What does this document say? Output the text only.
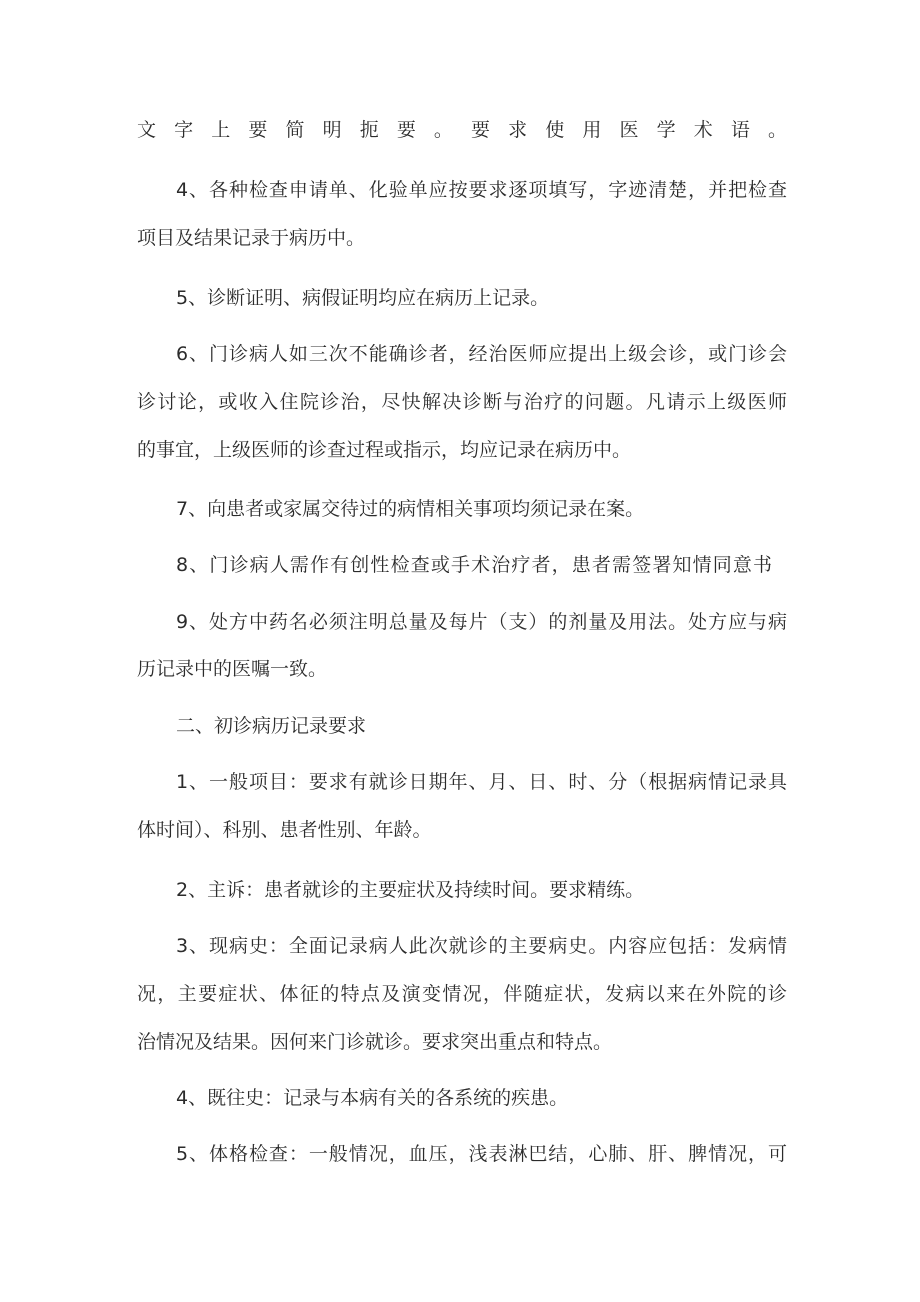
文字上要简明扼要。要求使用医学术语。
4、各种检查申请单、化验单应按要求逐项填写，字迹清楚，并把检查
项目及结果记录于病历中。
5、诊断证明、病假证明均应在病历上记录。
6、门诊病人如三次不能确诊者，经治医师应提出上级会诊，或门诊会
诊讨论，或收入住院诊治，尽快解决诊断与治疗的问题。凡请示上级医师
的事宜，上级医师的诊查过程或指示，均应记录在病历中。
7、向患者或家属交待过的病情相关事项均须记录在案。
8、门诊病人需作有创性检查或手术治疗者，患者需签署知情同意书
9、处方中药名必须注明总量及每片（支）的剂量及用法。处方应与病
历记录中的医嘱一致。
二、初诊病历记录要求
1、一般项目：要求有就诊日期年、月、日、时、分（根据病情记录具
体时间）、科别、患者性别、年龄。
2、主诉：患者就诊的主要症状及持续时间。要求精练。
3、现病史：全面记录病人此次就诊的主要病史。内容应包括：发病情
况，主要症状、体征的特点及演变情况，伴随症状，发病以来在外院的诊
治情况及结果。因何来门诊就诊。要求突出重点和特点。
4、既往史：记录与本病有关的各系统的疾患。
5、体格检查：一般情况，血压，浅表淋巴结，心肺、肝、脾情况，可
